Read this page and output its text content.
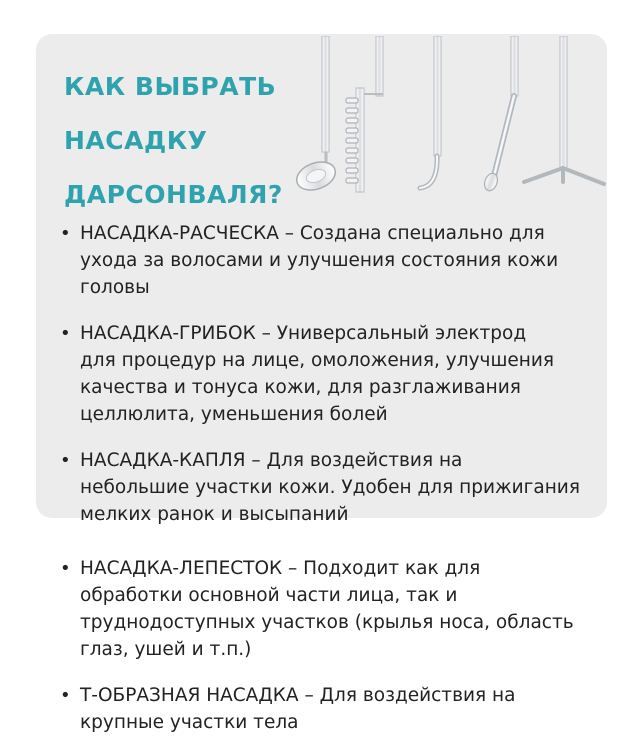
КАК ВЫБРАТЬ
НАСАДКУ
ДАРСОНВАЛЯ?
• НАСАДКА-РАСЧЕСКА – Создана специально для
ухода за волосами и улучшения состояния кожи
головы
• НАСАДКА-ГРИБОК – Универсальный электрод
для процедур на лице, омоложения, улучшения
качества и тонуса кожи, для разглаживания
целлюлита, уменьшения болей
• НАСАДКА-КАПЛЯ – Для воздействия на
небольшие участки кожи. Удобен для прижигания
мелких ранок и высыпаний
• НАСАДКА-ЛЕПЕСТОК – Подходит как для
обработки основной части лица, так и
труднодоступных участков (крылья носа, область
глаз, ушей и т.п.)
• Т-ОБРАЗНАЯ НАСАДКА – Для воздействия на
крупные участки тела
